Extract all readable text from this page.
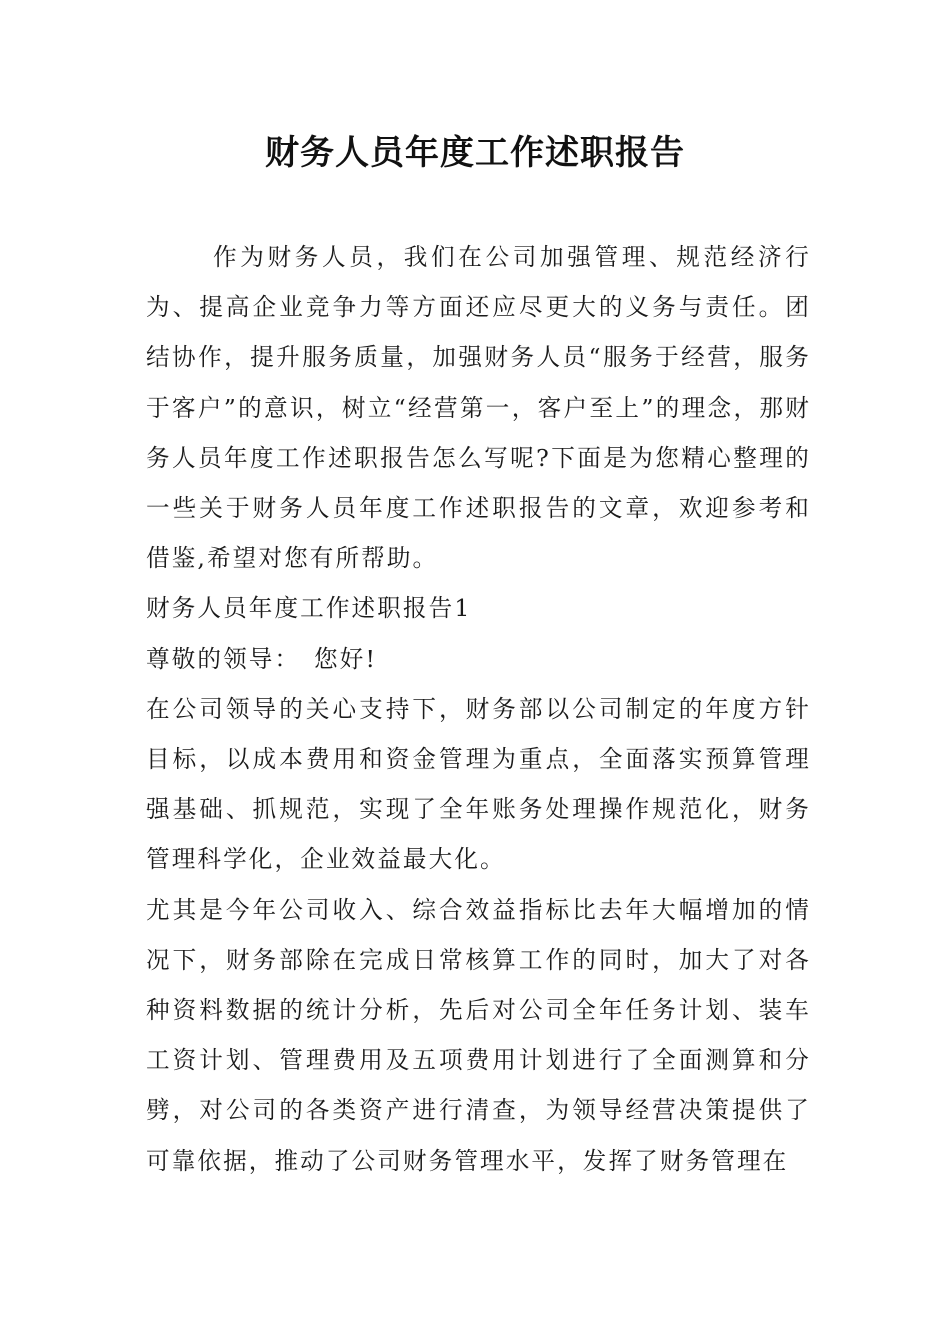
财务人员年度工作述职报告

作为财务人员，我们在公司加强管理、规范经济行为、提高企业竞争力等方面还应尽更大的义务与责任。团结协作，提升服务质量，加强财务人员“服务于经营，服务于客户”的意识，树立“经营第一，客户至上”的理念，那财务人员年度工作述职报告怎么写呢?下面是为您精心整理的一些关于财务人员年度工作述职报告的文章，欢迎参考和借鉴,希望对您有所帮助。

财务人员年度工作述职报告1

尊敬的领导：　您好!

在公司领导的关心支持下，财务部以公司制定的年度方针目标，以成本费用和资金管理为重点，全面落实预算管理强基础、抓规范，实现了全年账务处理操作规范化，财务管理科学化，企业效益最大化。

尤其是今年公司收入、综合效益指标比去年大幅增加的情况下，财务部除在完成日常核算工作的同时，加大了对各种资料数据的统计分析，先后对公司全年任务计划、装车工资计划、管理费用及五项费用计划进行了全面测算和分劈，对公司的各类资产进行清查，为领导经营决策提供了可靠依据，推动了公司财务管理水平，发挥了财务管理在
